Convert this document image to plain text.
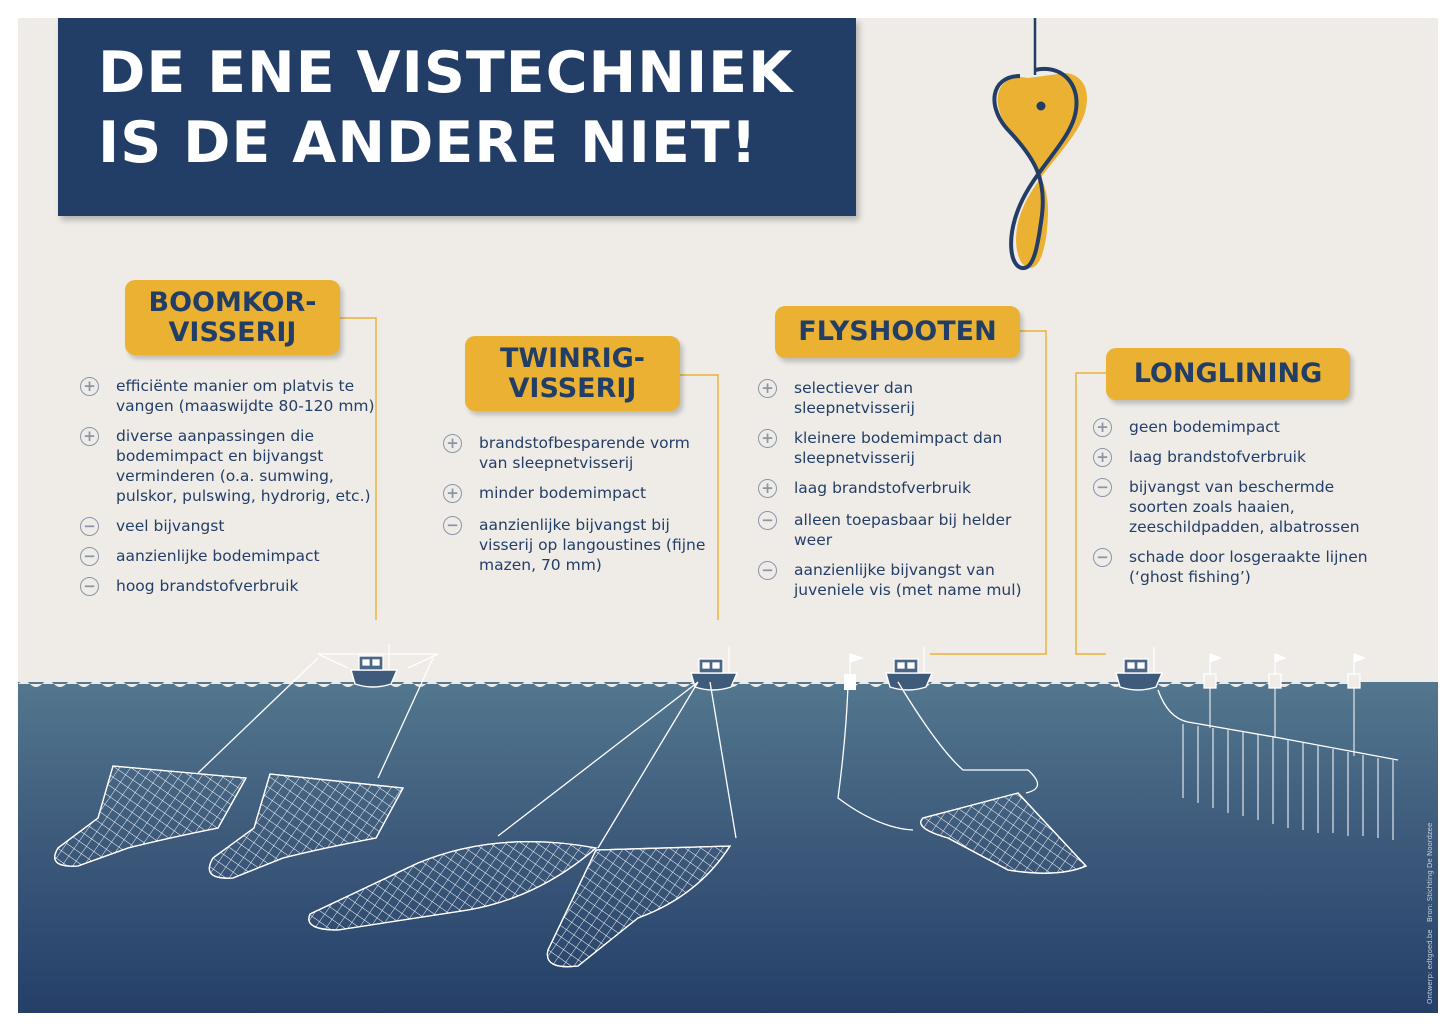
DE ENE VISTECHNIEK
IS DE ANDERE NIET!
BOOMKOR-
VISSERIJ
TWINRIG-
VISSERIJ
FLYSHOOTEN
LONGLINING
+ efficiënte manier om platvis te vangen (maaswijdte 80-120 mm)
+ diverse aanpassingen die bodemimpact en bijvangst verminderen (o.a. sumwing, pulskor, pulswing, hydrorig, etc.)
− veel bijvangst
− aanzienlijke bodemimpact
− hoog brandstofverbruik
+ brandstofbesparende vorm van sleepnetvisserij
+ minder bodemimpact
− aanzienlijke bijvangst bij visserij op langoustines (fijne mazen, 70 mm)
+ selectiever dan sleepnetvisserij
+ kleinere bodemimpact dan sleepnetvisserij
+ laag brandstofverbruik
− alleen toepasbaar bij helder weer
− aanzienlijke bijvangst van juveniele vis (met name mul)
+ geen bodemimpact
+ laag brandstofverbruik
− bijvangst van beschermde soorten zoals haaien, zeeschildpadden, albatrossen
− schade door losgeraakte lijnen (‘ghost fishing’)
Ontwerp: edtgoed.be
Bron: Stichting De Noordzee
